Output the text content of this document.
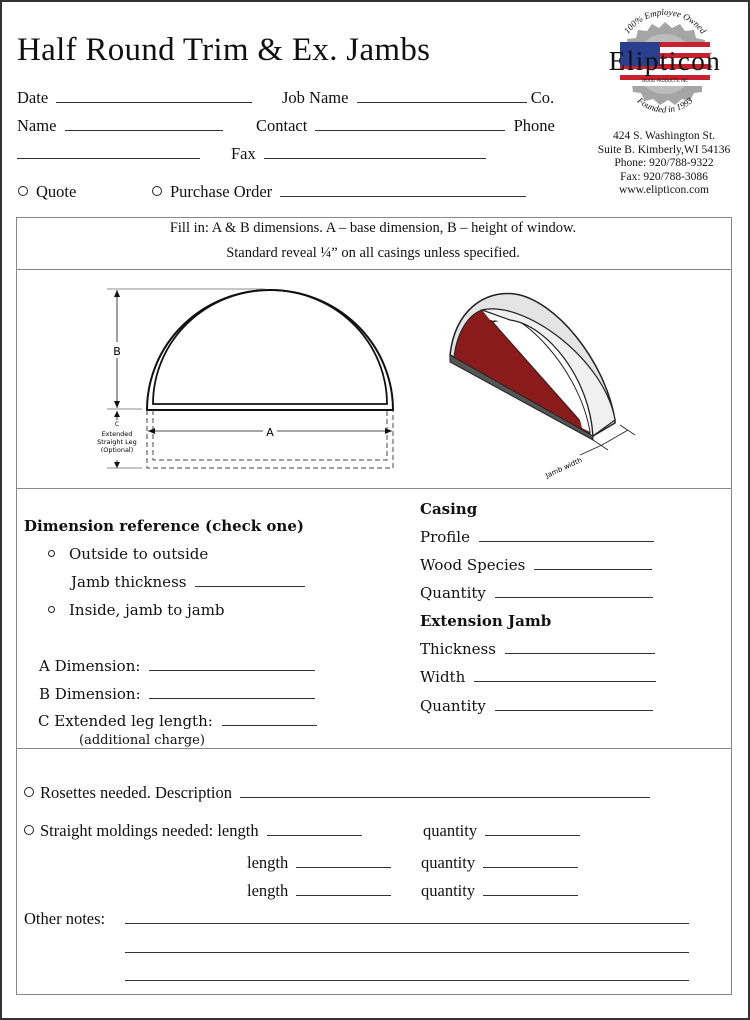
Half Round Trim & Ex. Jambs
Date	Job Name	Co.
Name	Contact	Phone
Fax
Quote	Purchase Order
Elipticon
WOOD PRODUCTS, INC
100% Employee Owned
Founded in 1993
424 S. Washington St.
Suite B. Kimberly,WI 54136
Phone: 920/788-9322
Fax: 920/788-3086
www.elipticon.com
Fill in: A & B dimensions. A – base dimension, B – height of window.
Standard reveal ¼” on all casings unless specified.
B
C
Extended
Straight Leg
(Optional)
A
Jamb width
Dimension reference (check one)
Outside to outside
Jamb thickness
Inside, jamb to jamb
A Dimension:
B Dimension:
C Extended leg length:
(additional charge)
Casing
Profile
Wood Species
Quantity
Extension Jamb
Thickness
Width
Quantity
Rosettes needed. Description
Straight moldings needed: length	quantity
length	quantity
length	quantity
Other notes:
